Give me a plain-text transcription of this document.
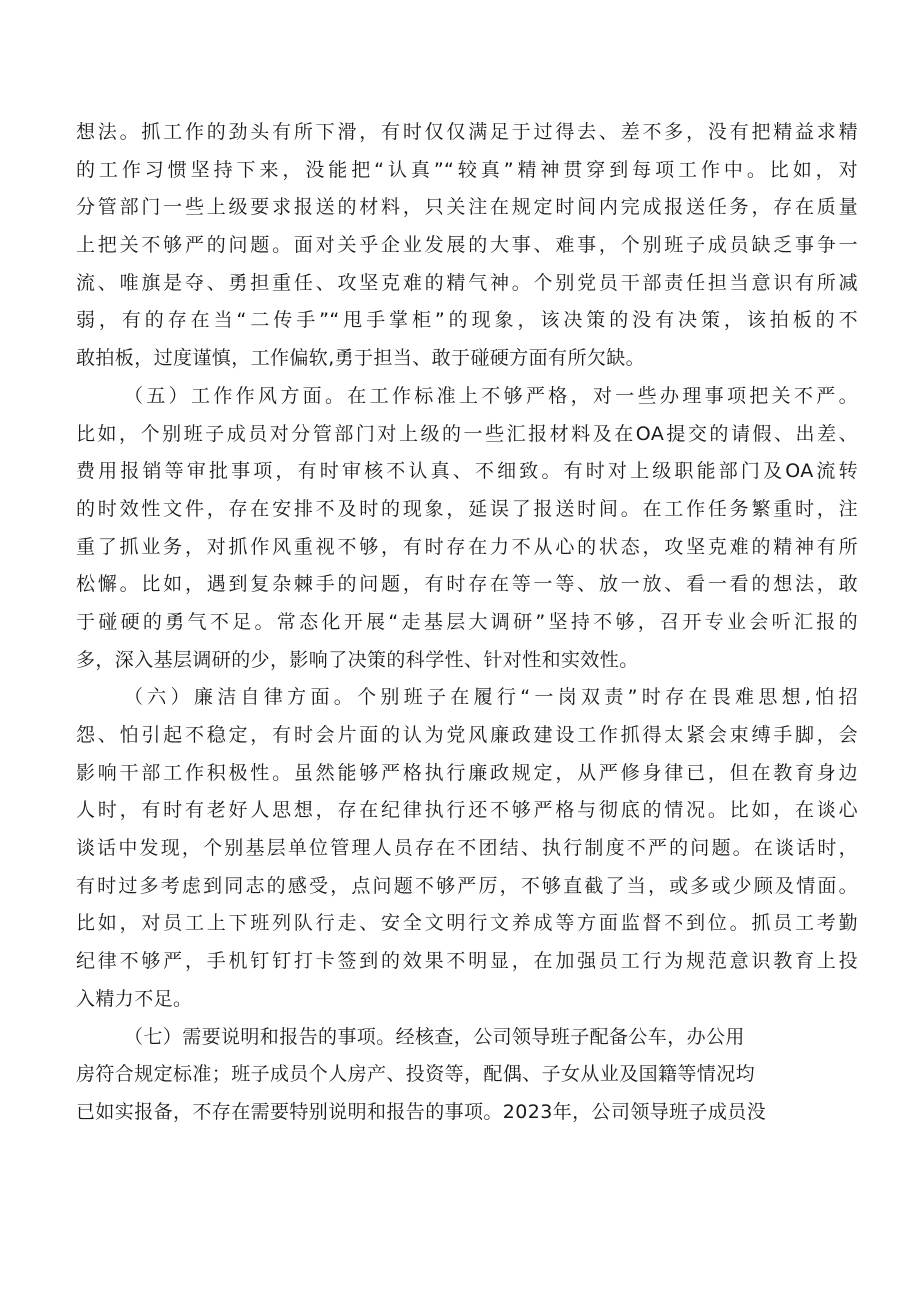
想法。抓工作的劲头有所下滑，有时仅仅满足于过得去、差不多，没有把精益求精
的工作习惯坚持下来，没能把“认真”“较真”精神贯穿到每项工作中。比如，对
分管部门一些上级要求报送的材料，只关注在规定时间内完成报送任务，存在质量
上把关不够严的问题。面对关乎企业发展的大事、难事，个别班子成员缺乏事争一
流、唯旗是夺、勇担重任、攻坚克难的精气神。个别党员干部责任担当意识有所减
弱，有的存在当“二传手”“甩手掌柜”的现象，该决策的没有决策，该拍板的不
敢拍板，过度谨慎，工作偏软,勇于担当、敢于碰硬方面有所欠缺。
（五）工作作风方面。在工作标准上不够严格，对一些办理事项把关不严。
比如，个别班子成员对分管部门对上级的一些汇报材料及在OA提交的请假、出差、
费用报销等审批事项，有时审核不认真、不细致。有时对上级职能部门及OA流转
的时效性文件，存在安排不及时的现象，延误了报送时间。在工作任务繁重时，注
重了抓业务，对抓作风重视不够，有时存在力不从心的状态，攻坚克难的精神有所
松懈。比如，遇到复杂棘手的问题，有时存在等一等、放一放、看一看的想法，敢
于碰硬的勇气不足。常态化开展“走基层大调研”坚持不够，召开专业会听汇报的
多，深入基层调研的少，影响了决策的科学性、针对性和实效性。
（六）廉洁自律方面。个别班子在履行“一岗双责”时存在畏难思想,怕招
怨、怕引起不稳定，有时会片面的认为党风廉政建设工作抓得太紧会束缚手脚，会
影响干部工作积极性。虽然能够严格执行廉政规定，从严修身律已，但在教育身边
人时，有时有老好人思想，存在纪律执行还不够严格与彻底的情况。比如，在谈心
谈话中发现，个别基层单位管理人员存在不团结、执行制度不严的问题。在谈话时，
有时过多考虑到同志的感受，点问题不够严厉，不够直截了当，或多或少顾及情面。
比如，对员工上下班列队行走、安全文明行文养成等方面监督不到位。抓员工考勤
纪律不够严，手机钉钉打卡签到的效果不明显，在加强员工行为规范意识教育上投
入精力不足。
（七）需要说明和报告的事项。经核查，公司领导班子配备公车，办公用
房符合规定标准；班子成员个人房产、投资等，配偶、子女从业及国籍等情况均
已如实报备，不存在需要特别说明和报告的事项。2023年，公司领导班子成员没
